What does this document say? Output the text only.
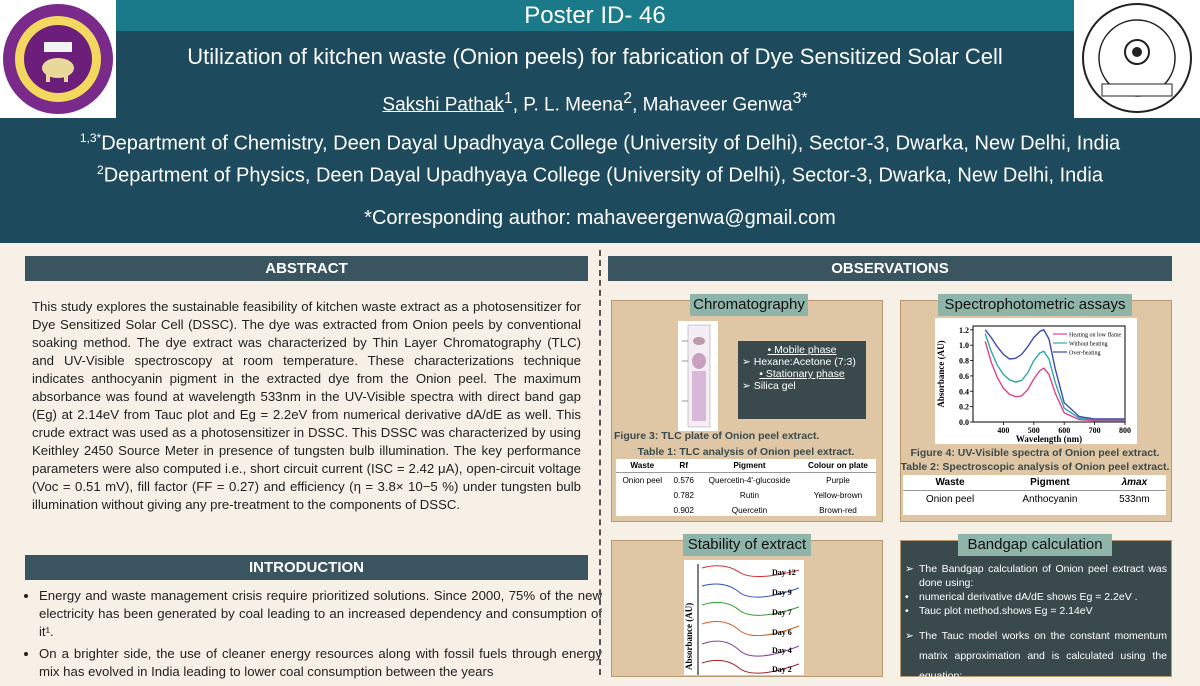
Poster ID- 46
Utilization of kitchen waste (Onion peels) for fabrication of Dye Sensitized Solar Cell
Sakshi Pathak$^1$, P. L. Meena$^2$, Mahaveer Genwa$^{3*}$
$^{1,3*}$Department of Chemistry, Deen Dayal Upadhyaya College (University of Delhi), Sector-3, Dwarka, New Delhi, India
$^2$Department of Physics, Deen Dayal Upadhyaya College (University of Delhi), Sector-3, Dwarka, New Delhi, India
*Corresponding author: mahaveergenwa@gmail.com
ABSTRACT
This study explores the sustainable feasibility of kitchen waste extract as a photosensitizer for Dye Sensitized Solar Cell (DSSC). The dye was extracted from Onion peels by conventional soaking method. The dye extract was characterized by Thin Layer Chromatography (TLC) and UV-Visible spectroscopy at room temperature. These characterizations technique indicates anthocyanin pigment in the extracted dye from the Onion peel. The maximum absorbance was found at wavelength 533nm in the UV-Visible spectra with direct band gap (Eg) at 2.14eV from Tauc plot and Eg = 2.2eV from numerical derivative dA/dE as well. This crude extract was used as a photosensitizer in DSSC. This DSSC was characterized by using Keithley 2450 Source Meter in presence of tungsten bulb illumination. The key performance parameters were also computed i.e., short circuit current (ISC = 2.42 μA), open-circuit voltage (Voc = 0.51 mV), fill factor (FF = 0.27) and efficiency (η = 3.8× 10−5 %) under tungsten bulb illumination without giving any pre-treatment to the components of DSSC.
INTRODUCTION
• Energy and waste management crisis require prioritized solutions. Since 2000, 75% of the new electricity has been generated by coal leading to an increased dependency and consumption of it¹.
• On a brighter side, the use of cleaner energy resources along with fossil fuels through energy mix has evolved in India leading to lower coal consumption between the years
OBSERVATIONS
Chromatography
• Mobile phase
➢ Hexane:Acetone (7:3)
• Stationary phase
➢ Silica gel
Figure 3: TLC plate of Onion peel extract.
Table 1: TLC analysis of Onion peel extract.
Waste	Rf	Pigment	Colour on plate
Onion peel	0.576	Quercetin-4'-glucoside	Purple
	0.782	Rutin	Yellow-brown
	0.902	Quercetin	Brown-red
Spectrophotometric assays
0.0
0.2
0.4
0.6
0.8
1.0
1.2
400 500 600 700 800
Wavelength (nm)
Absorbance (AU)
Heating on low flame
Without heating
Over-heating
Figure 4: UV-Visible spectra of Onion peel extract.
Table 2: Spectroscopic analysis of Onion peel extract.
Waste	Pigment	λmax
Onion peel	Anthocyanin	533nm
Stability of extract
Absorbance (AU)
Day 12
Day 9
Day 7
Day 6
Day 4
Day 2
Bandgap calculation
➢ The Bandgap calculation of Onion peel extract was done using:
• numerical derivative dA/dE shows Eg = 2.2eV .
• Tauc plot method.shows Eg = 2.14eV
➢ The Tauc model works on the constant momentum matrix approximation and is calculated using the equation:
